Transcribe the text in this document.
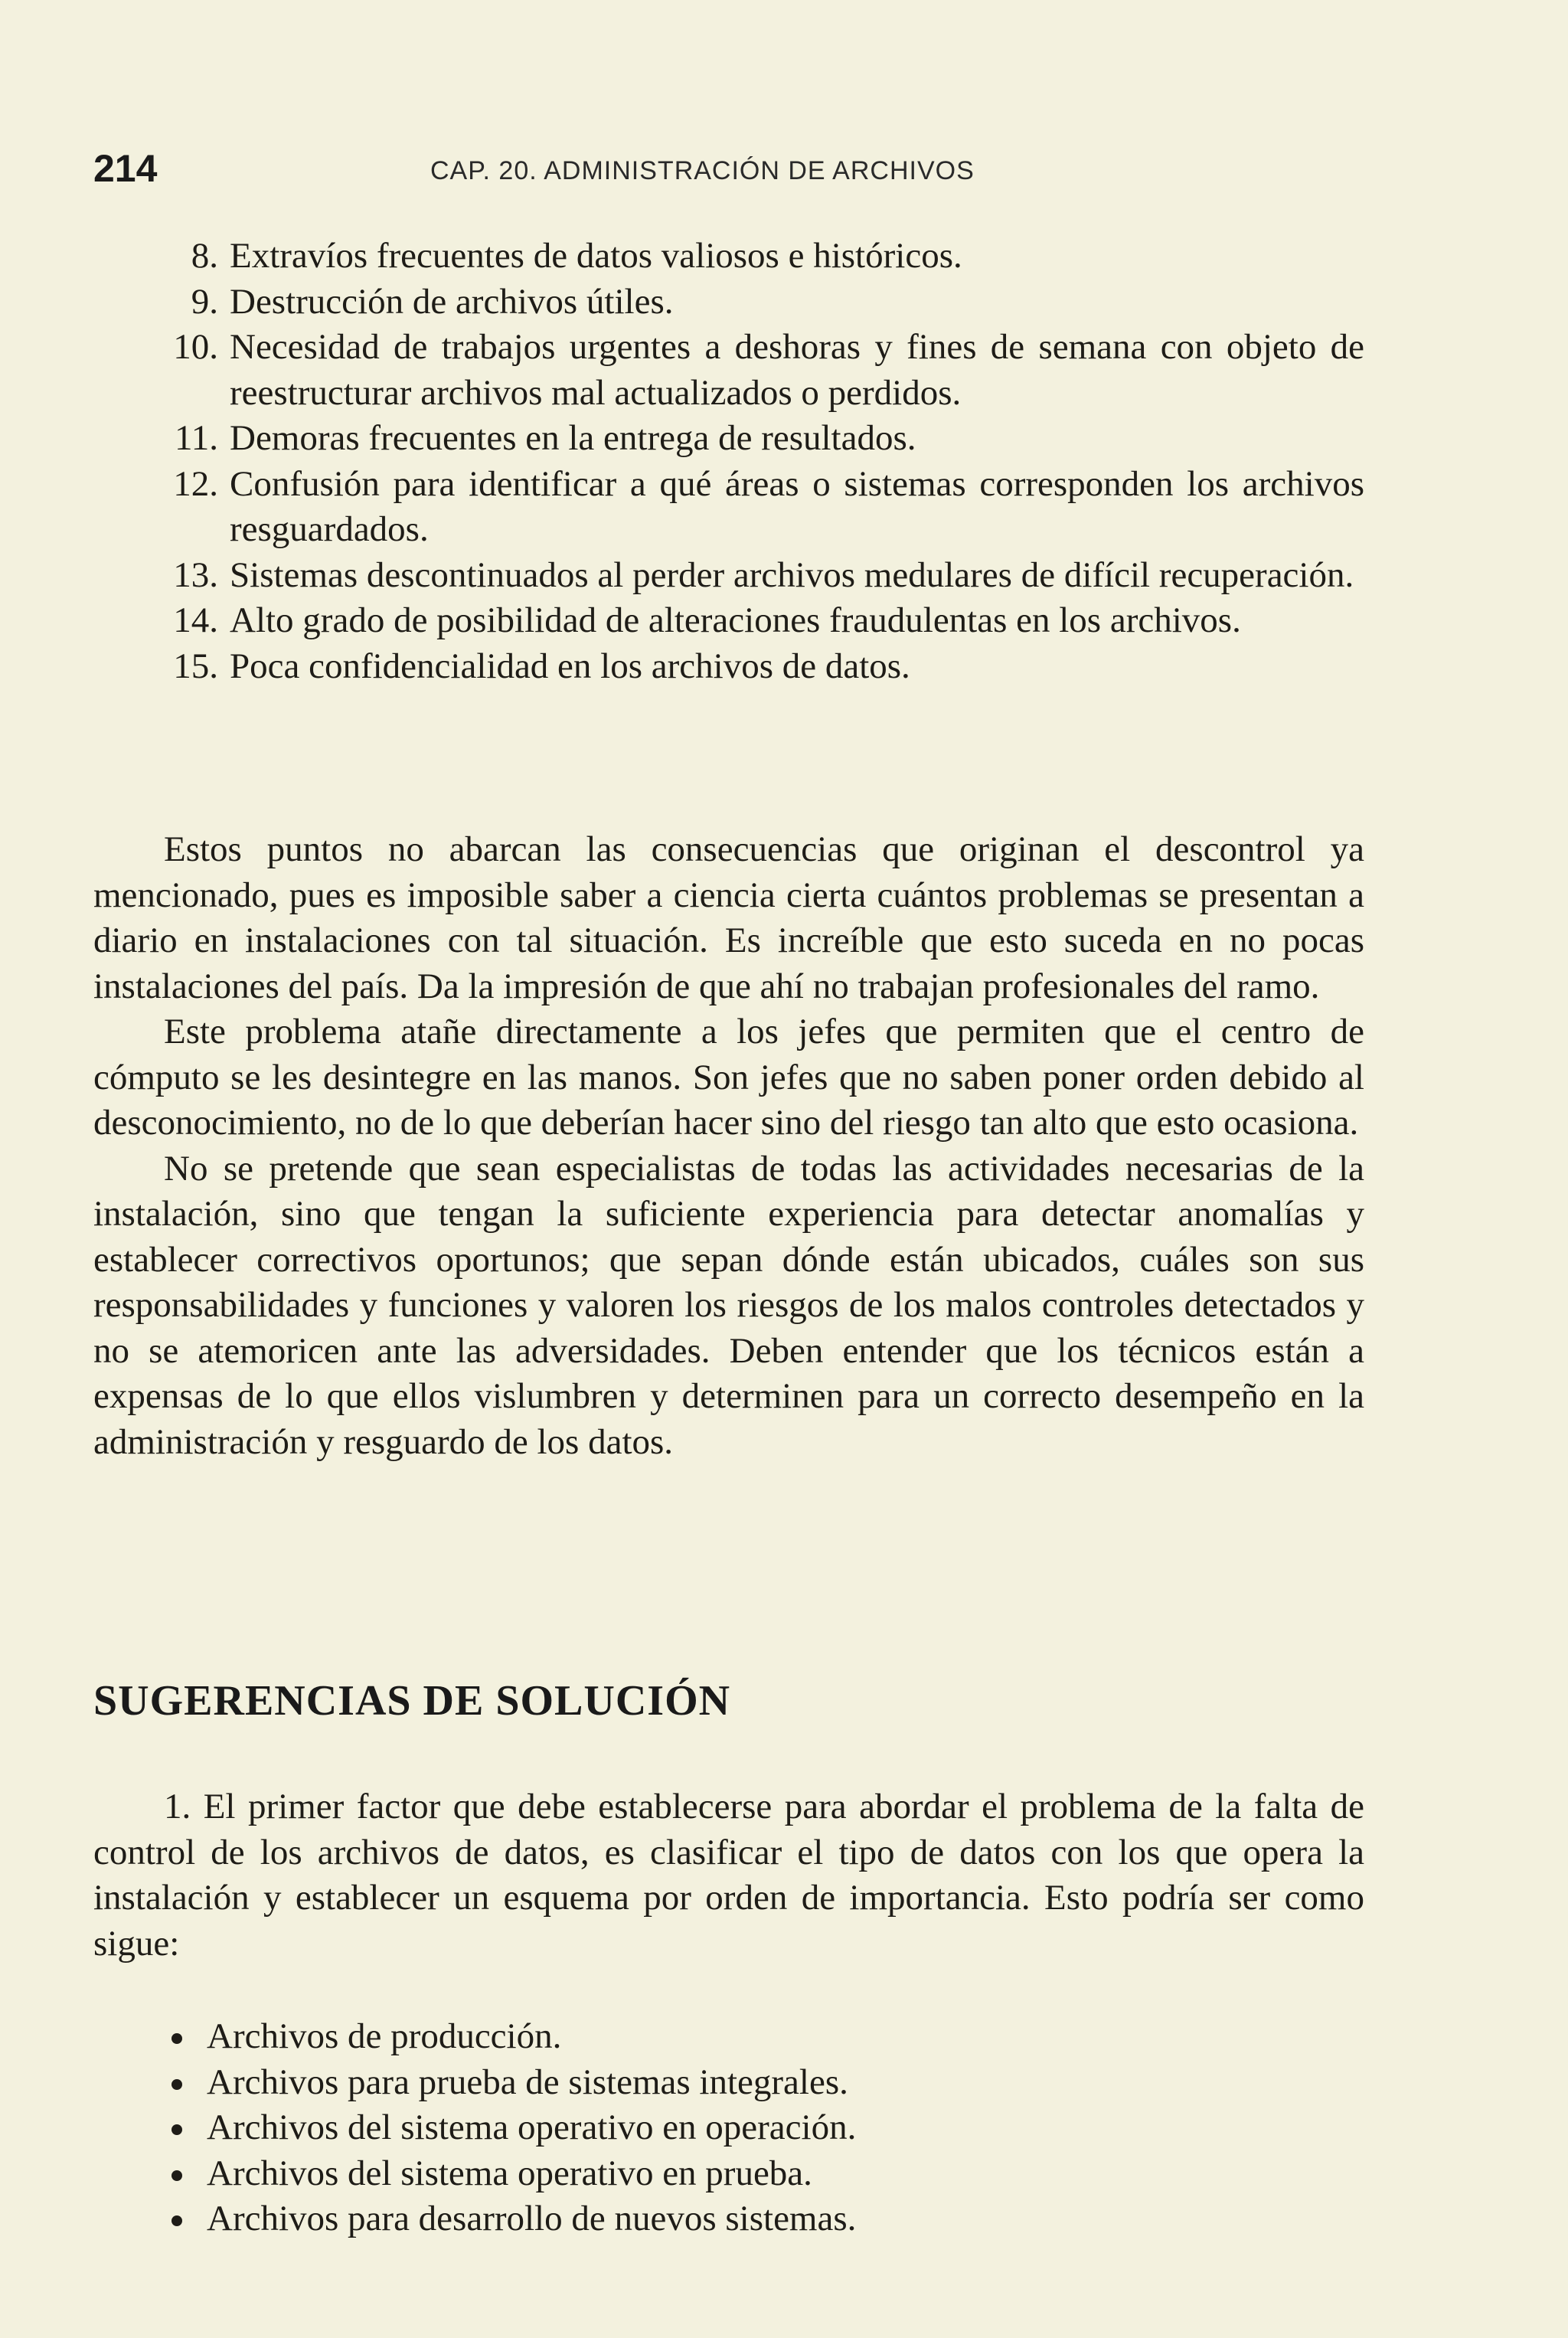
214	CAP. 20. ADMINISTRACIÓN DE ARCHIVOS
8. Extravíos frecuentes de datos valiosos e históricos.
9. Destrucción de archivos útiles.
10. Necesidad de trabajos urgentes a deshoras y fines de semana con objeto de reestructurar archivos mal actualizados o perdidos.
11. Demoras frecuentes en la entrega de resultados.
12. Confusión para identificar a qué áreas o sistemas corresponden los archivos resguardados.
13. Sistemas descontinuados al perder archivos medulares de difícil recuperación.
14. Alto grado de posibilidad de alteraciones fraudulentas en los archivos.
15. Poca confidencialidad en los archivos de datos.

Estos puntos no abarcan las consecuencias que originan el descontrol ya mencionado, pues es imposible saber a ciencia cierta cuántos problemas se presentan a diario en instalaciones con tal situación. Es increíble que esto suceda en no pocas instalaciones del país. Da la impresión de que ahí no trabajan profesionales del ramo.

Este problema atañe directamente a los jefes que permiten que el centro de cómputo se les desintegre en las manos. Son jefes que no saben poner orden debido al desconocimiento, no de lo que deberían hacer sino del riesgo tan alto que esto ocasiona.

No se pretende que sean especialistas de todas las actividades necesarias de la instalación, sino que tengan la suficiente experiencia para detectar anomalías y establecer correctivos oportunos; que sepan dónde están ubicados, cuáles son sus responsabilidades y funciones y valoren los riesgos de los malos controles detectados y no se atemoricen ante las adversidades. Deben entender que los técnicos están a expensas de lo que ellos vislumbren y determinen para un correcto desempeño en la administración y resguardo de los datos.

SUGERENCIAS DE SOLUCIÓN

1. El primer factor que debe establecerse para abordar el problema de la falta de control de los archivos de datos, es clasificar el tipo de datos con los que opera la instalación y establecer un esquema por orden de importancia. Esto podría ser como sigue:

Archivos de producción.
Archivos para prueba de sistemas integrales.
Archivos del sistema operativo en operación.
Archivos del sistema operativo en prueba.
Archivos para desarrollo de nuevos sistemas.
